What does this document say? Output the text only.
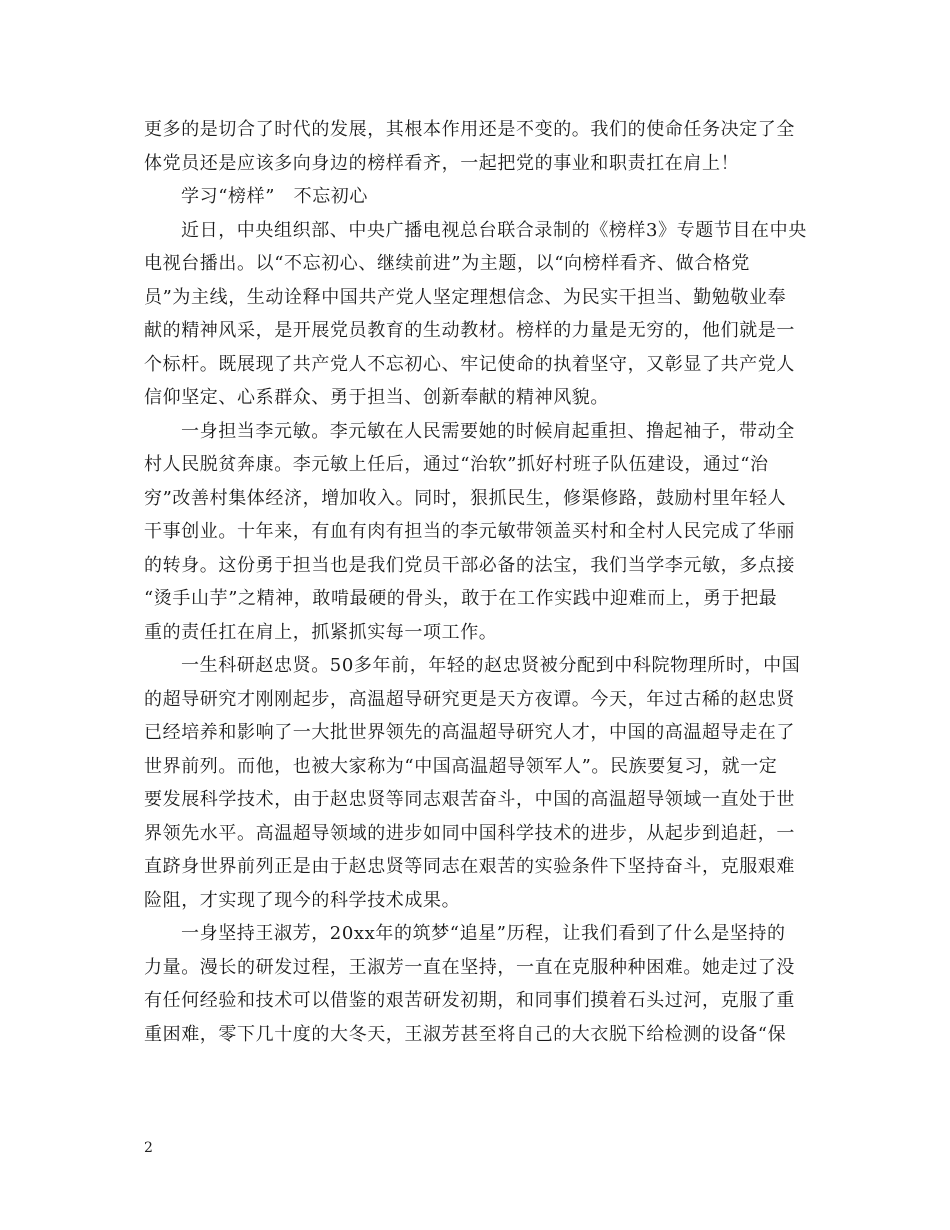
更多的是切合了时代的发展，其根本作用还是不变的。我们的使命任务决定了全
体党员还是应该多向身边的榜样看齐，一起把党的事业和职责扛在肩上！
学习“榜样”　不忘初心
近日，中央组织部、中央广播电视总台联合录制的《榜样3》专题节目在中央
电视台播出。以“不忘初心、继续前进”为主题，以“向榜样看齐、做合格党
员”为主线，生动诠释中国共产党人坚定理想信念、为民实干担当、勤勉敬业奉
献的精神风采，是开展党员教育的生动教材。榜样的力量是无穷的，他们就是一
个标杆。既展现了共产党人不忘初心、牢记使命的执着坚守，又彰显了共产党人
信仰坚定、心系群众、勇于担当、创新奉献的精神风貌。
一身担当李元敏。李元敏在人民需要她的时候肩起重担、撸起袖子，带动全
村人民脱贫奔康。李元敏上任后，通过“治软”抓好村班子队伍建设，通过“治
穷”改善村集体经济，增加收入。同时，狠抓民生，修渠修路，鼓励村里年轻人
干事创业。十年来，有血有肉有担当的李元敏带领盖买村和全村人民完成了华丽
的转身。这份勇于担当也是我们党员干部必备的法宝，我们当学李元敏，多点接
“烫手山芋”之精神，敢啃最硬的骨头，敢于在工作实践中迎难而上，勇于把最
重的责任扛在肩上，抓紧抓实每一项工作。
一生科研赵忠贤。50多年前，年轻的赵忠贤被分配到中科院物理所时，中国
的超导研究才刚刚起步，高温超导研究更是天方夜谭。今天，年过古稀的赵忠贤
已经培养和影响了一大批世界领先的高温超导研究人才，中国的高温超导走在了
世界前列。而他，也被大家称为“中国高温超导领军人”。民族要复习，就一定
要发展科学技术，由于赵忠贤等同志艰苦奋斗，中国的高温超导领域一直处于世
界领先水平。高温超导领域的进步如同中国科学技术的进步，从起步到追赶，一
直跻身世界前列正是由于赵忠贤等同志在艰苦的实验条件下坚持奋斗，克服艰难
险阻，才实现了现今的科学技术成果。
一身坚持王淑芳，20xx年的筑梦“追星”历程，让我们看到了什么是坚持的
力量。漫长的研发过程，王淑芳一直在坚持，一直在克服种种困难。她走过了没
有任何经验和技术可以借鉴的艰苦研发初期，和同事们摸着石头过河，克服了重
重困难，零下几十度的大冬天，王淑芳甚至将自己的大衣脱下给检测的设备“保
2
